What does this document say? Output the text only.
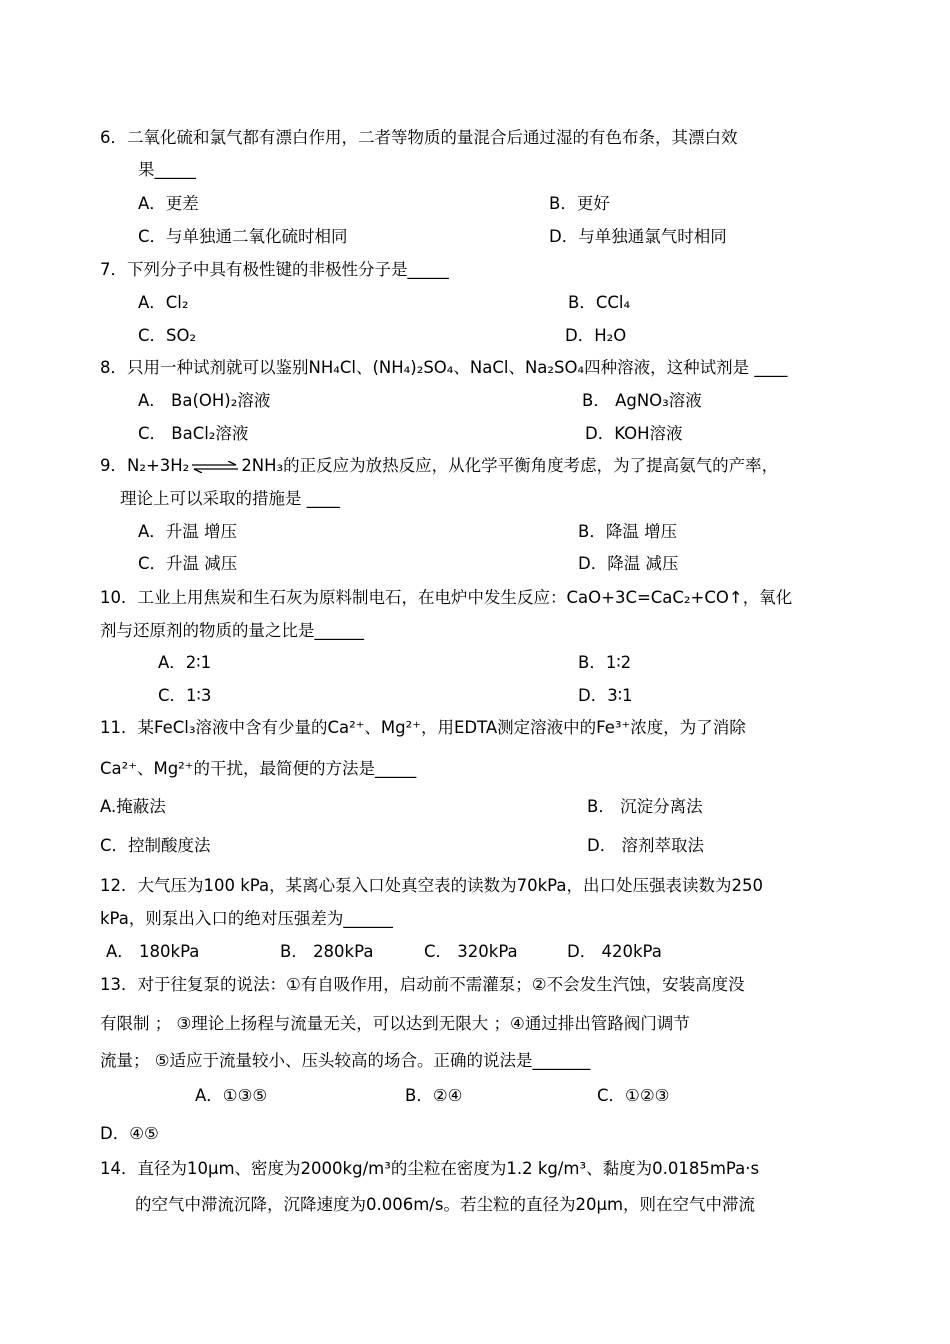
6．二氧化硫和氯气都有漂白作用，二者等物质的量混合后通过湿的有色布条，其漂白效
果_____
A．更差	B．更好
C．与单独通二氧化硫时相同	D．与单独通氯气时相同
7．下列分子中具有极性键的非极性分子是_____
A．Cl₂	B．CCl₄
C．SO₂	D．H₂O
8．只用一种试剂就可以鉴别NH₄Cl、(NH₄)₂SO₄、NaCl、Na₂SO₄四种溶液，这种试剂是 ____
A． Ba(OH)₂溶液	B． AgNO₃溶液
C． BaCl₂溶液	D．KOH溶液
9．N₂+3H₂ ⇌ 2NH₃的正反应为放热反应，从化学平衡角度考虑，为了提高氨气的产率，
理论上可以采取的措施是 ____
A．升温 增压	B．降温 增压
C．升温 减压	D．降温 减压
10．工业上用焦炭和生石灰为原料制电石，在电炉中发生反应：CaO+3C=CaC₂+CO↑，氧化
剂与还原剂的物质的量之比是______
A．2∶1	B．1∶2
C．1∶3	D．3∶1
11．某FeCl₃溶液中含有少量的Ca²⁺、Mg²⁺，用EDTA测定溶液中的Fe³⁺浓度，为了消除
Ca²⁺、Mg²⁺的干扰，最简便的方法是_____
A.掩蔽法	B． 沉淀分离法
C．控制酸度法	D． 溶剂萃取法
12．大气压为100 kPa，某离心泵入口处真空表的读数为70kPa，出口处压强表读数为250
kPa，则泵出入口的绝对压强差为______
A． 180kPa	B． 280kPa	C． 320kPa	D． 420kPa
13．对于往复泵的说法：①有自吸作用，启动前不需灌泵；②不会发生汽蚀，安装高度没
有限制 ； ③理论上扬程与流量无关，可以达到无限大 ；④通过排出管路阀门调节
流量； ⑤适应于流量较小、压头较高的场合。正确的说法是_______
A．①③⑤	B．②④	C．①②③
D．④⑤
14．直径为10μm、密度为2000kg/m³的尘粒在密度为1.2 kg/m³、黏度为0.0185mPa·s
的空气中滞流沉降，沉降速度为0.006m/s。若尘粒的直径为20μm，则在空气中滞流
